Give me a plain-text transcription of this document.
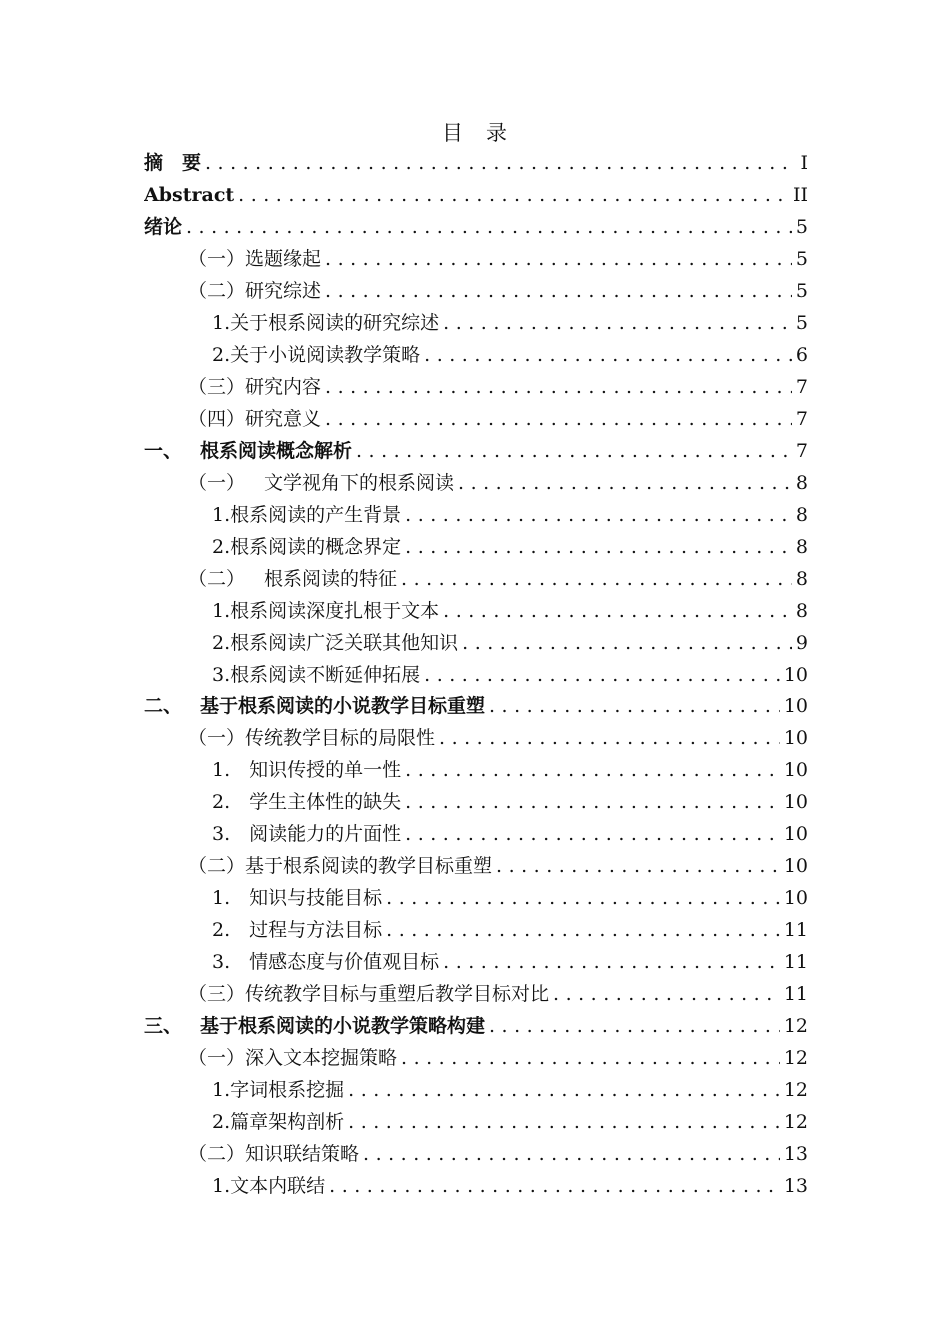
目　录
摘　要 .....	I
Abstract .....	II
绪论 .....	5
（一）选题缘起 .....	5
（二）研究综述 .....	5
1.关于根系阅读的研究综述 .....	5
2.关于小说阅读教学策略 .....	6
（三）研究内容 .....	7
（四）研究意义 .....	7
一、 根系阅读概念解析 .....	7
（一）　文学视角下的根系阅读 .....	8
1.根系阅读的产生背景 .....	8
2.根系阅读的概念界定 .....	8
（二）　根系阅读的特征 .....	8
1.根系阅读深度扎根于文本 .....	8
2.根系阅读广泛关联其他知识 .....	9
3.根系阅读不断延伸拓展 .....	10
二、 基于根系阅读的小说教学目标重塑 .....	10
（一）传统教学目标的局限性 .....	10
1.　知识传授的单一性 .....	10
2.　学生主体性的缺失 .....	10
3.　阅读能力的片面性 .....	10
（二）基于根系阅读的教学目标重塑 .....	10
1.　知识与技能目标 .....	10
2.　过程与方法目标 .....	11
3.　情感态度与价值观目标 .....	11
（三）传统教学目标与重塑后教学目标对比 .....	11
三、 基于根系阅读的小说教学策略构建 .....	12
（一）深入文本挖掘策略 .....	12
1.字词根系挖掘 .....	12
2.篇章架构剖析 .....	12
（二）知识联结策略 .....	13
1.文本内联结 .....	13
